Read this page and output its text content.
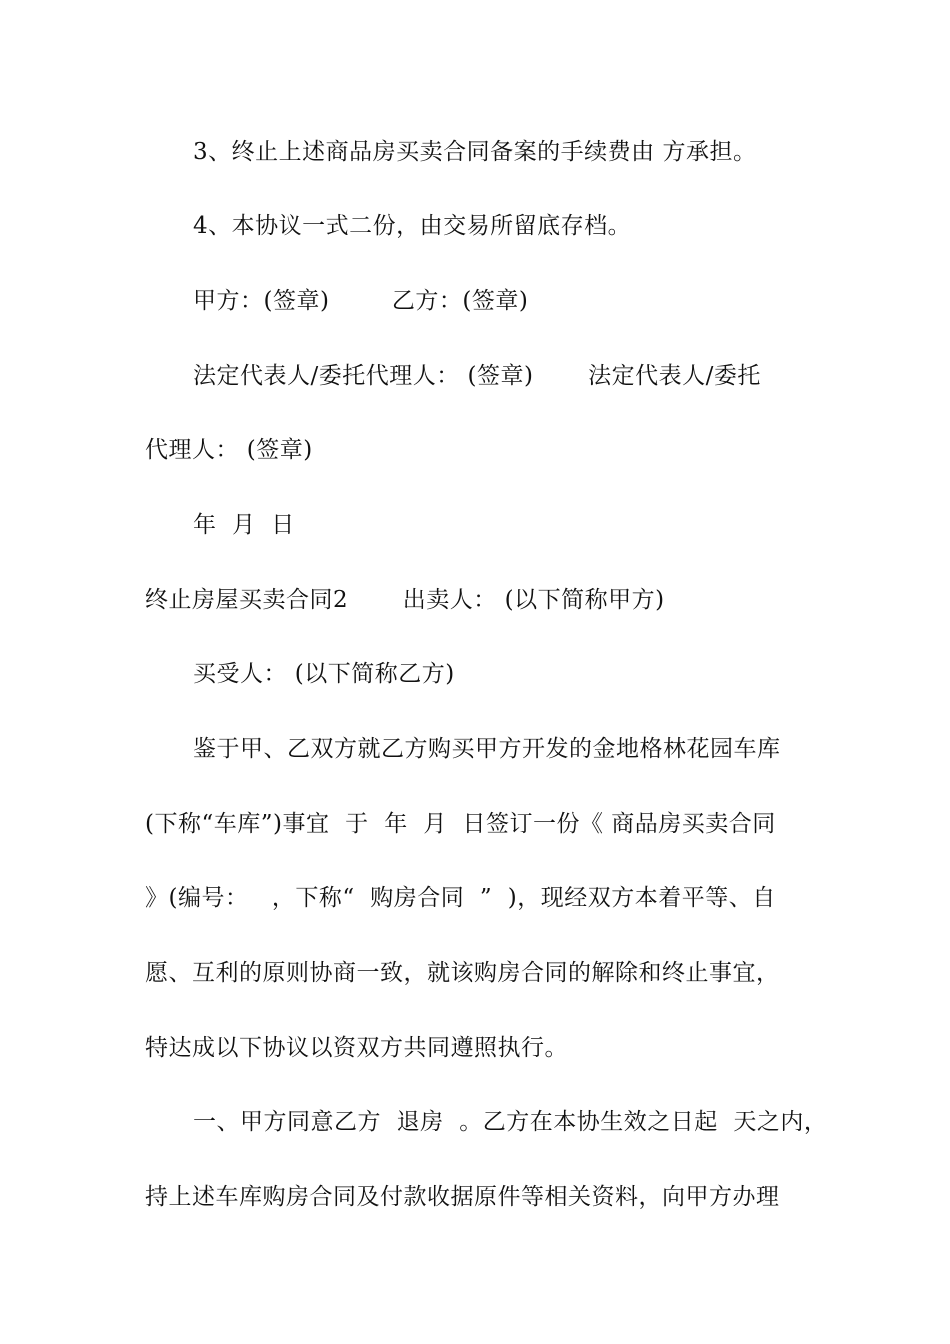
3、终止上述商品房买卖合同备案的手续费由 方承担。
4、本协议一式二份，由交易所留底存档。
甲方：(签章)        乙方：(签章)
法定代表人/委托代理人： (签章)       法定代表人/委托
代理人： (签章)
年  月  日
终止房屋买卖合同2       出卖人： (以下简称甲方)
买受人： (以下简称乙方)
鉴于甲、乙双方就乙方购买甲方开发的金地格林花园车库
(下称“车库”)事宜  于  年  月  日签订一份《 商品房买卖合同
》(编号：   ，下称“  购房合同  ”  )，现经双方本着平等、自
愿、互利的原则协商一致，就该购房合同的解除和终止事宜，
特达成以下协议以资双方共同遵照执行。
一、甲方同意乙方  退房  。乙方在本协生效之日起  天之内，
持上述车库购房合同及付款收据原件等相关资料，向甲方办理
